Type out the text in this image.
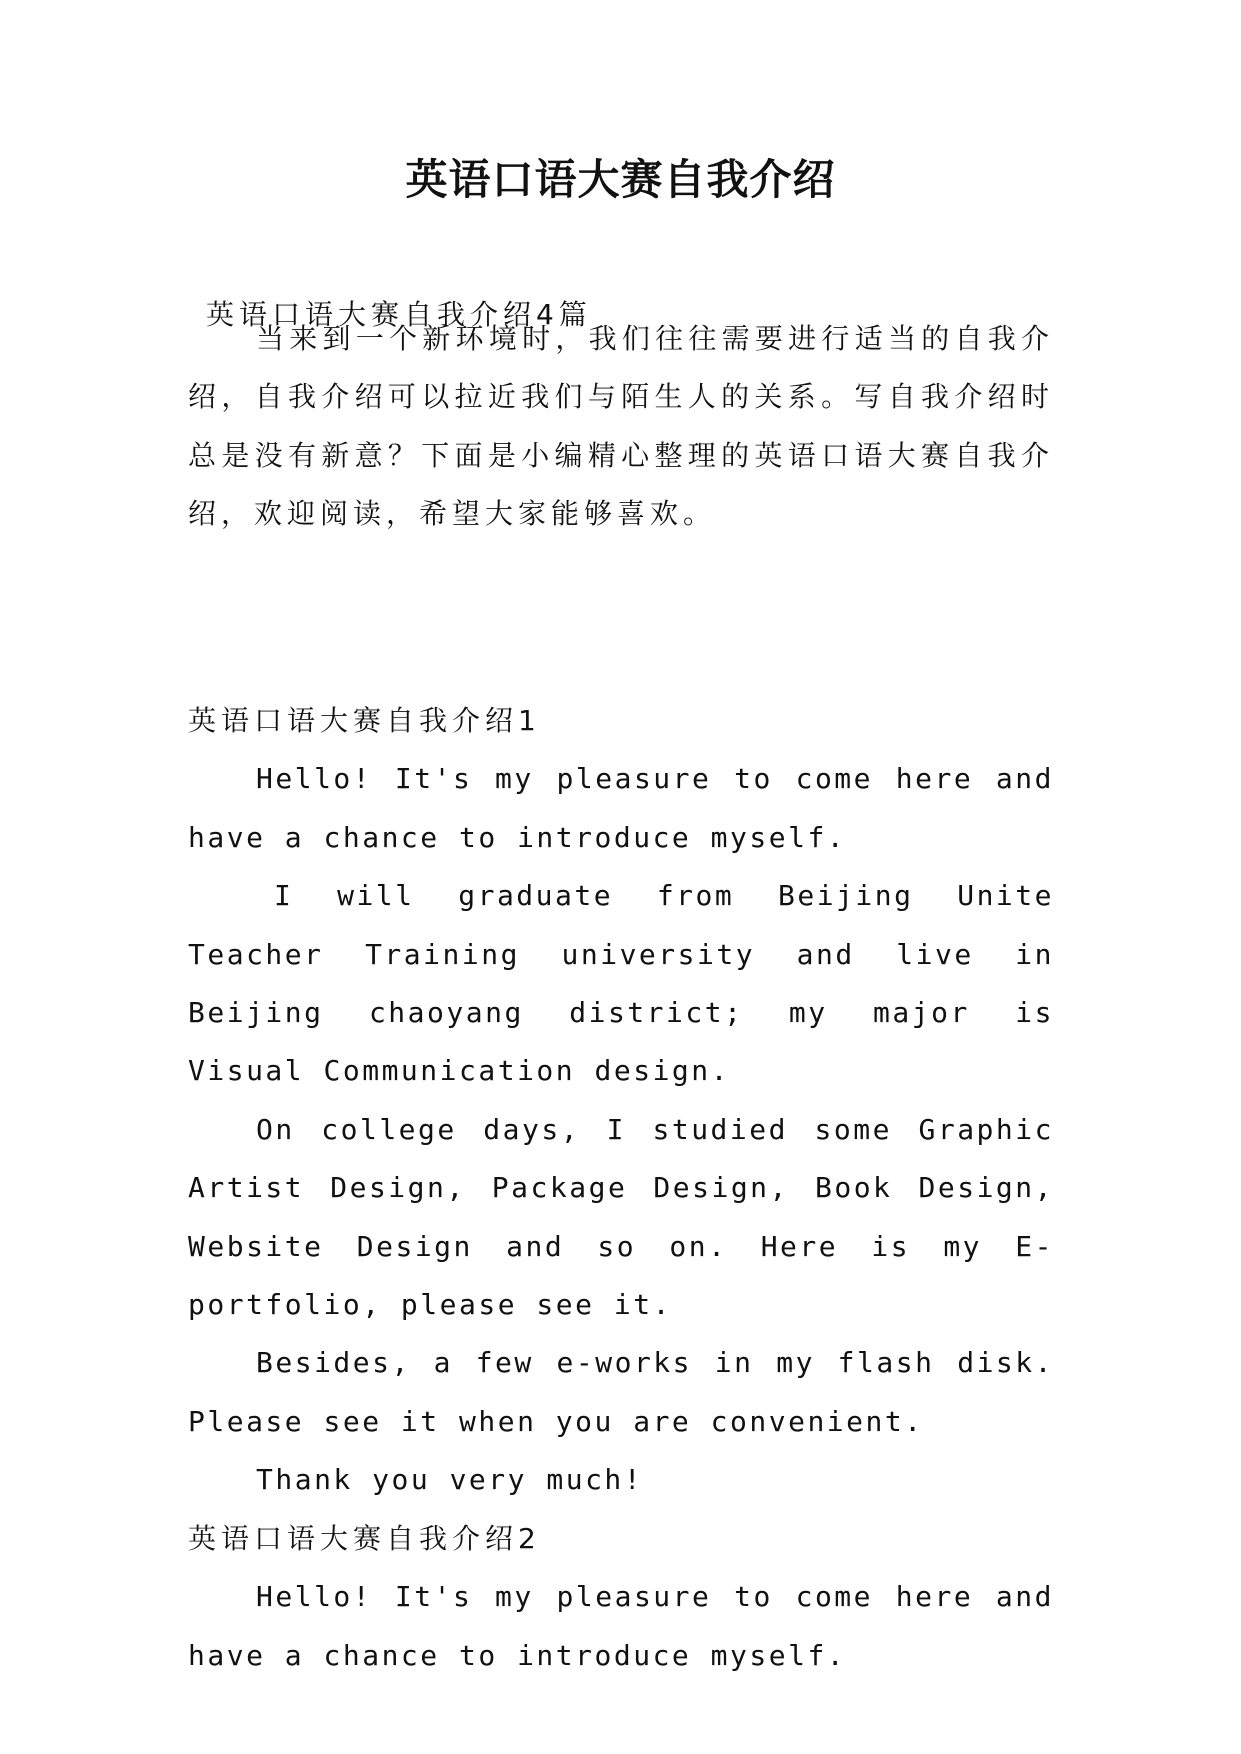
英语口语大赛自我介绍
英语口语大赛自我介绍4篇

当来到一个新环境时，我们往往需要进行适当的自我介绍，自我介绍可以拉近我们与陌生人的关系。写自我介绍时总是没有新意？下面是小编精心整理的英语口语大赛自我介绍，欢迎阅读，希望大家能够喜欢。

英语口语大赛自我介绍1

Hello! It's my pleasure to come here and have a chance to introduce myself.

I will graduate from Beijing Unite Teacher Training university and live in Beijing chaoyang district; my major is Visual Communication design.

On college days, I studied some Graphic Artist Design, Package Design, Book Design, Website Design and so on. Here is my E-portfolio, please see it.

Besides, a few e-works in my flash disk. Please see it when you are convenient.

Thank you very much!

英语口语大赛自我介绍2

Hello! It's my pleasure to come here and have a chance to introduce myself.
